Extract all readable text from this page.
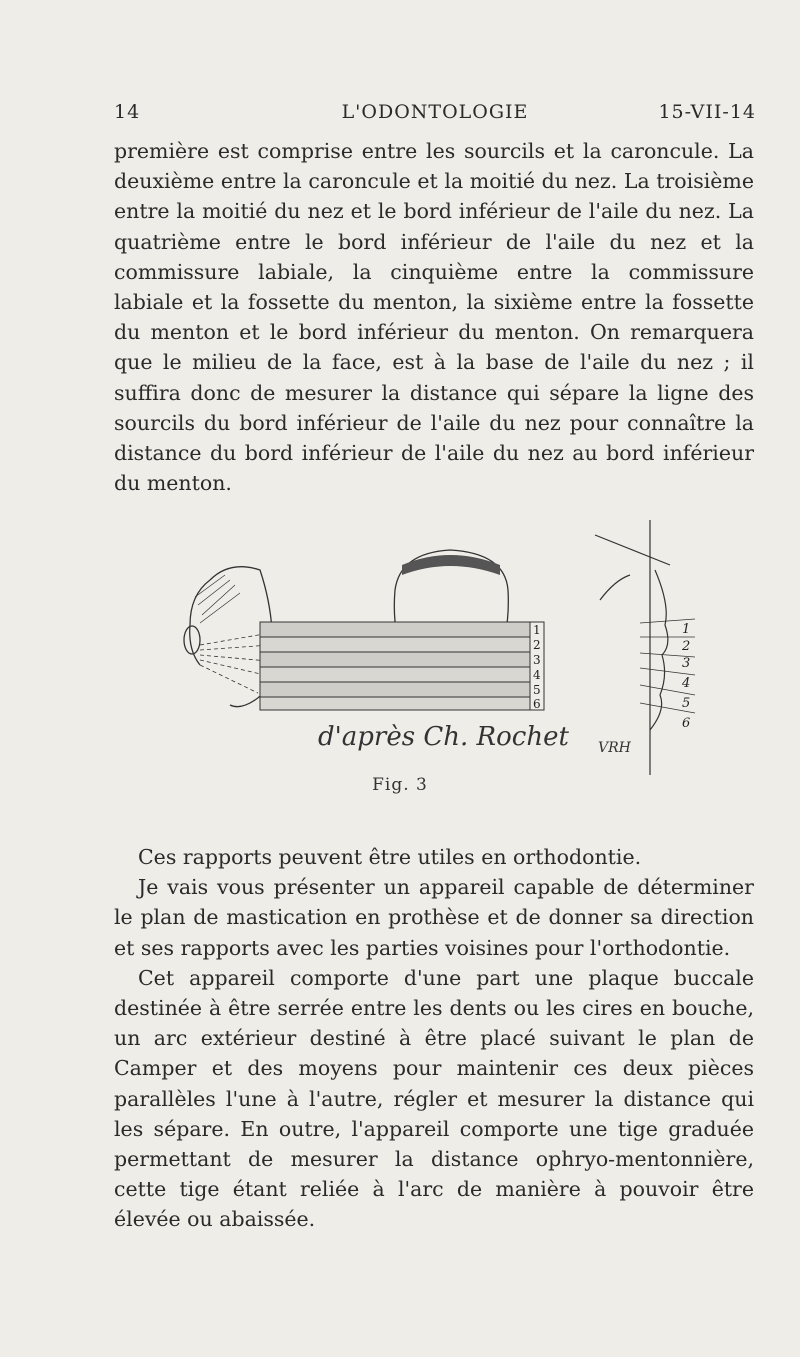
14	L'ODONTOLOGIE	15-VII-14

première est comprise entre les sourcils et la caroncule. La deuxième entre la caroncule et la moitié du nez. La troisième entre la moitié du nez et le bord inférieur de l'aile du nez. La quatrième entre le bord inférieur de l'aile du nez et la commissure labiale, la cinquième entre la commissure labiale et la fossette du menton, la sixième entre la fossette du menton et le bord inférieur du menton. On remarquera que le milieu de la face, est à la base de l'aile du nez ; il suffira donc de mesurer la distance qui sépare la ligne des sourcils du bord inférieur de l'aile du nez pour connaître la distance du bord inférieur de l'aile du nez au bord inférieur du menton.

1
2
3
4
5
6
1
2
3
4
5
6
d'après Ch. Rochet VRH
Fig. 3

Ces rapports peuvent être utiles en orthodontie.

Je vais vous présenter un appareil capable de déterminer le plan de mastication en prothèse et de donner sa direction et ses rapports avec les parties voisines pour l'orthodontie.

Cet appareil comporte d'une part une plaque buccale destinée à être serrée entre les dents ou les cires en bouche, un arc extérieur destiné à être placé suivant le plan de Camper et des moyens pour maintenir ces deux pièces parallèles l'une à l'autre, régler et mesurer la distance qui les sépare. En outre, l'appareil comporte une tige graduée permettant de mesurer la distance ophryo-mentonnière, cette tige étant reliée à l'arc de manière à pouvoir être élevée ou abaissée.
